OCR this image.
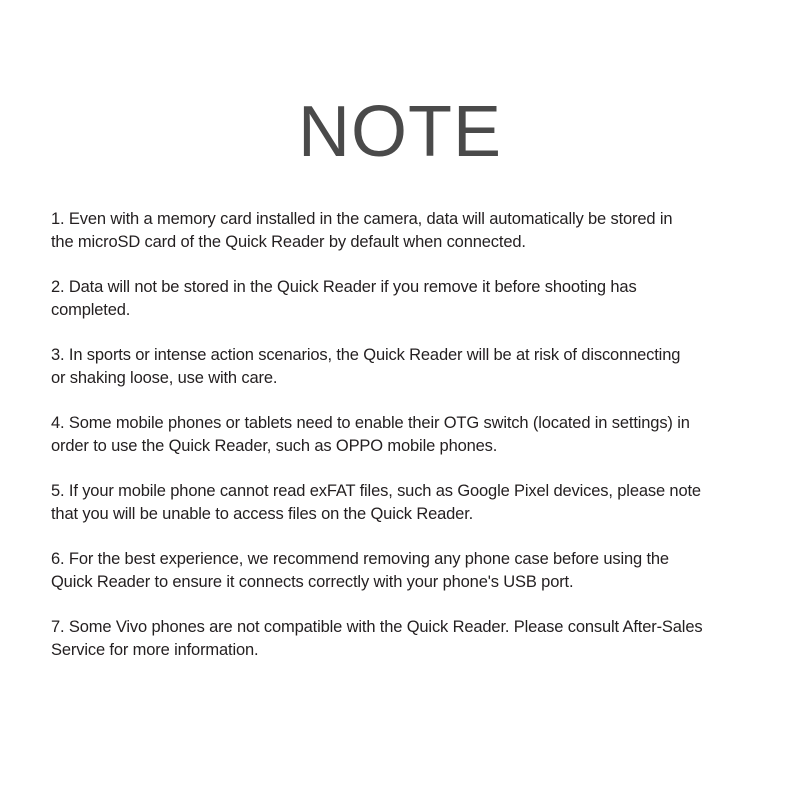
NOTE
1. Even with a memory card installed in the camera, data will automatically be stored in
the microSD card of the Quick Reader by default when connected.
2. Data will not be stored in the Quick Reader if you remove it before shooting has
completed.
3. In sports or intense action scenarios, the Quick Reader will be at risk of disconnecting
or shaking loose, use with care.
4. Some mobile phones or tablets need to enable their OTG switch (located in settings) in
order to use the Quick Reader, such as OPPO mobile phones.
5. If your mobile phone cannot read exFAT files, such as Google Pixel devices, please note
that you will be unable to access files on the Quick Reader.
6. For the best experience, we recommend removing any phone case before using the
Quick Reader to ensure it connects correctly with your phone's USB port.
7. Some Vivo phones are not compatible with the Quick Reader. Please consult After-Sales
Service for more information.
